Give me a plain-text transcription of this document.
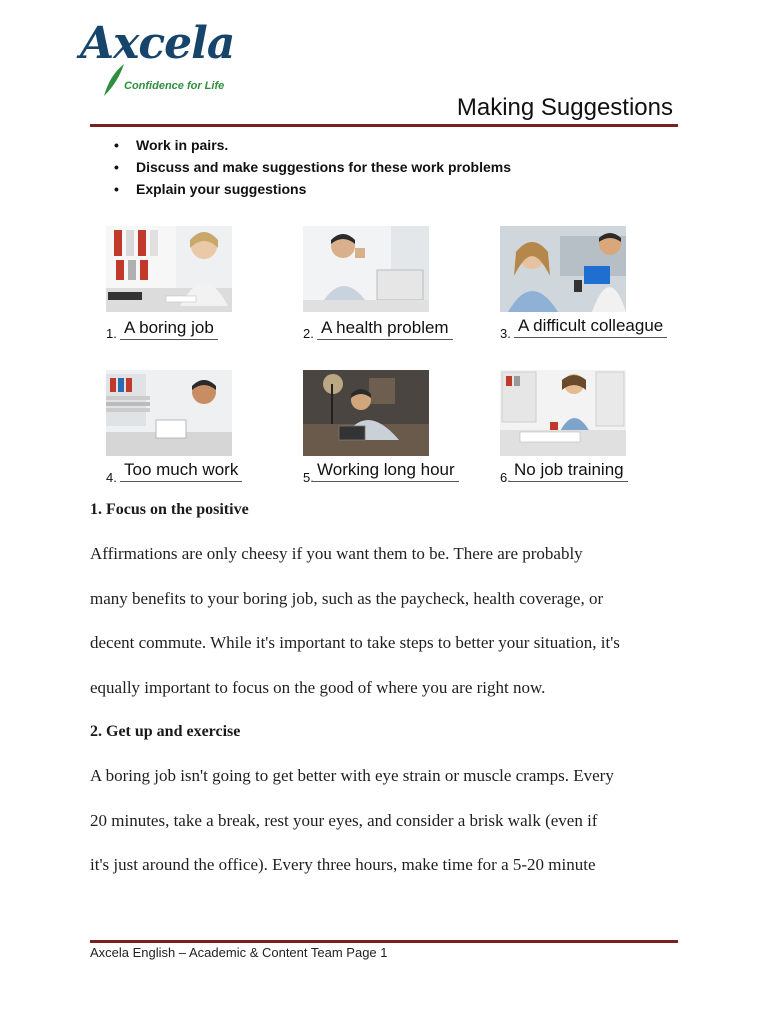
Axcela
Confidence for Life
Making Suggestions
• Work in pairs.
• Discuss and make suggestions for these work problems
• Explain your suggestions
1. A boring job	2. A health problem	3. A difficult colleague
4. Too much work	5. Working long hour	6. No job training
1. Focus on the positive
Affirmations are only cheesy if you want them to be. There are probably
many benefits to your boring job, such as the paycheck, health coverage, or
decent commute. While it's important to take steps to better your situation, it's
equally important to focus on the good of where you are right now.
2. Get up and exercise
A boring job isn't going to get better with eye strain or muscle cramps. Every
20 minutes, take a break, rest your eyes, and consider a brisk walk (even if
it's just around the office). Every three hours, make time for a 5-20 minute
Axcela English – Academic & Content Team Page 1
